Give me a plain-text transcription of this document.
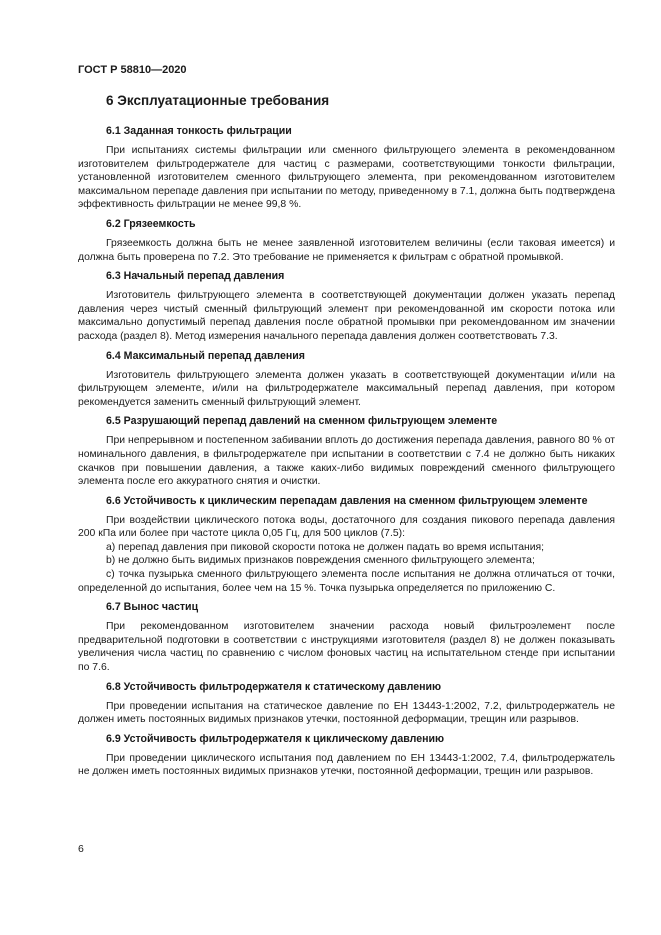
ГОСТ Р 58810—2020
6 Эксплуатационные требования
6.1 Заданная тонкость фильтрации
При испытаниях системы фильтрации или сменного фильтрующего элемента в рекомендованном изготовителем фильтродержателе для частиц с размерами, соответствующими тонкости фильтрации, установленной изготовителем сменного фильтрующего элемента, при рекомендованном изготовителем максимальном перепаде давления при испытании по методу, приведенному в 7.1, должна быть подтверждена эффективность фильтрации не менее 99,8 %.
6.2 Грязеемкость
Грязеемкость должна быть не менее заявленной изготовителем величины (если таковая имеется) и должна быть проверена по 7.2. Это требование не применяется к фильтрам с обратной промывкой.
6.3 Начальный перепад давления
Изготовитель фильтрующего элемента в соответствующей документации должен указать перепад давления через чистый сменный фильтрующий элемент при рекомендованной им скорости потока или максимально допустимый перепад давления после обратной промывки при рекомендованном им значении расхода (раздел 8). Метод измерения начального перепада давления должен соответствовать 7.3.
6.4 Максимальный перепад давления
Изготовитель фильтрующего элемента должен указать в соответствующей документации и/или на фильтрующем элементе, и/или на фильтродержателе максимальный перепад давления, при котором рекомендуется заменить сменный фильтрующий элемент.
6.5 Разрушающий перепад давлений на сменном фильтрующем элементе
При непрерывном и постепенном забивании вплоть до достижения перепада давления, равного 80 % от номинального давления, в фильтродержателе при испытании в соответствии с 7.4 не должно быть никаких скачков при повышении давления, а также каких-либо видимых повреждений сменного фильтрующего элемента после его аккуратного снятия и очистки.
6.6 Устойчивость к циклическим перепадам давления на сменном фильтрующем элементе
При воздействии циклического потока воды, достаточного для создания пикового перепада давления 200 кПа или более при частоте цикла 0,05 Гц, для 500 циклов (7.5):
a) перепад давления при пиковой скорости потока не должен падать во время испытания;
b) не должно быть видимых признаков повреждения сменного фильтрующего элемента;
c) точка пузырька сменного фильтрующего элемента после испытания не должна отличаться от точки, определенной до испытания, более чем на 15 %. Точка пузырька определяется по приложению С.
6.7 Вынос частиц
При рекомендованном изготовителем значении расхода новый фильтроэлемент после предварительной подготовки в соответствии с инструкциями изготовителя (раздел 8) не должен показывать увеличения числа частиц по сравнению с числом фоновых частиц на испытательном стенде при испытании по 7.6.
6.8 Устойчивость фильтродержателя к статическому давлению
При проведении испытания на статическое давление по ЕН 13443-1:2002, 7.2, фильтродержатель не должен иметь постоянных видимых признаков утечки, постоянной деформации, трещин или разрывов.
6.9 Устойчивость фильтродержателя к циклическому давлению
При проведении циклического испытания под давлением по ЕН 13443-1:2002, 7.4, фильтродержатель не должен иметь постоянных видимых признаков утечки, постоянной деформации, трещин или разрывов.
6
